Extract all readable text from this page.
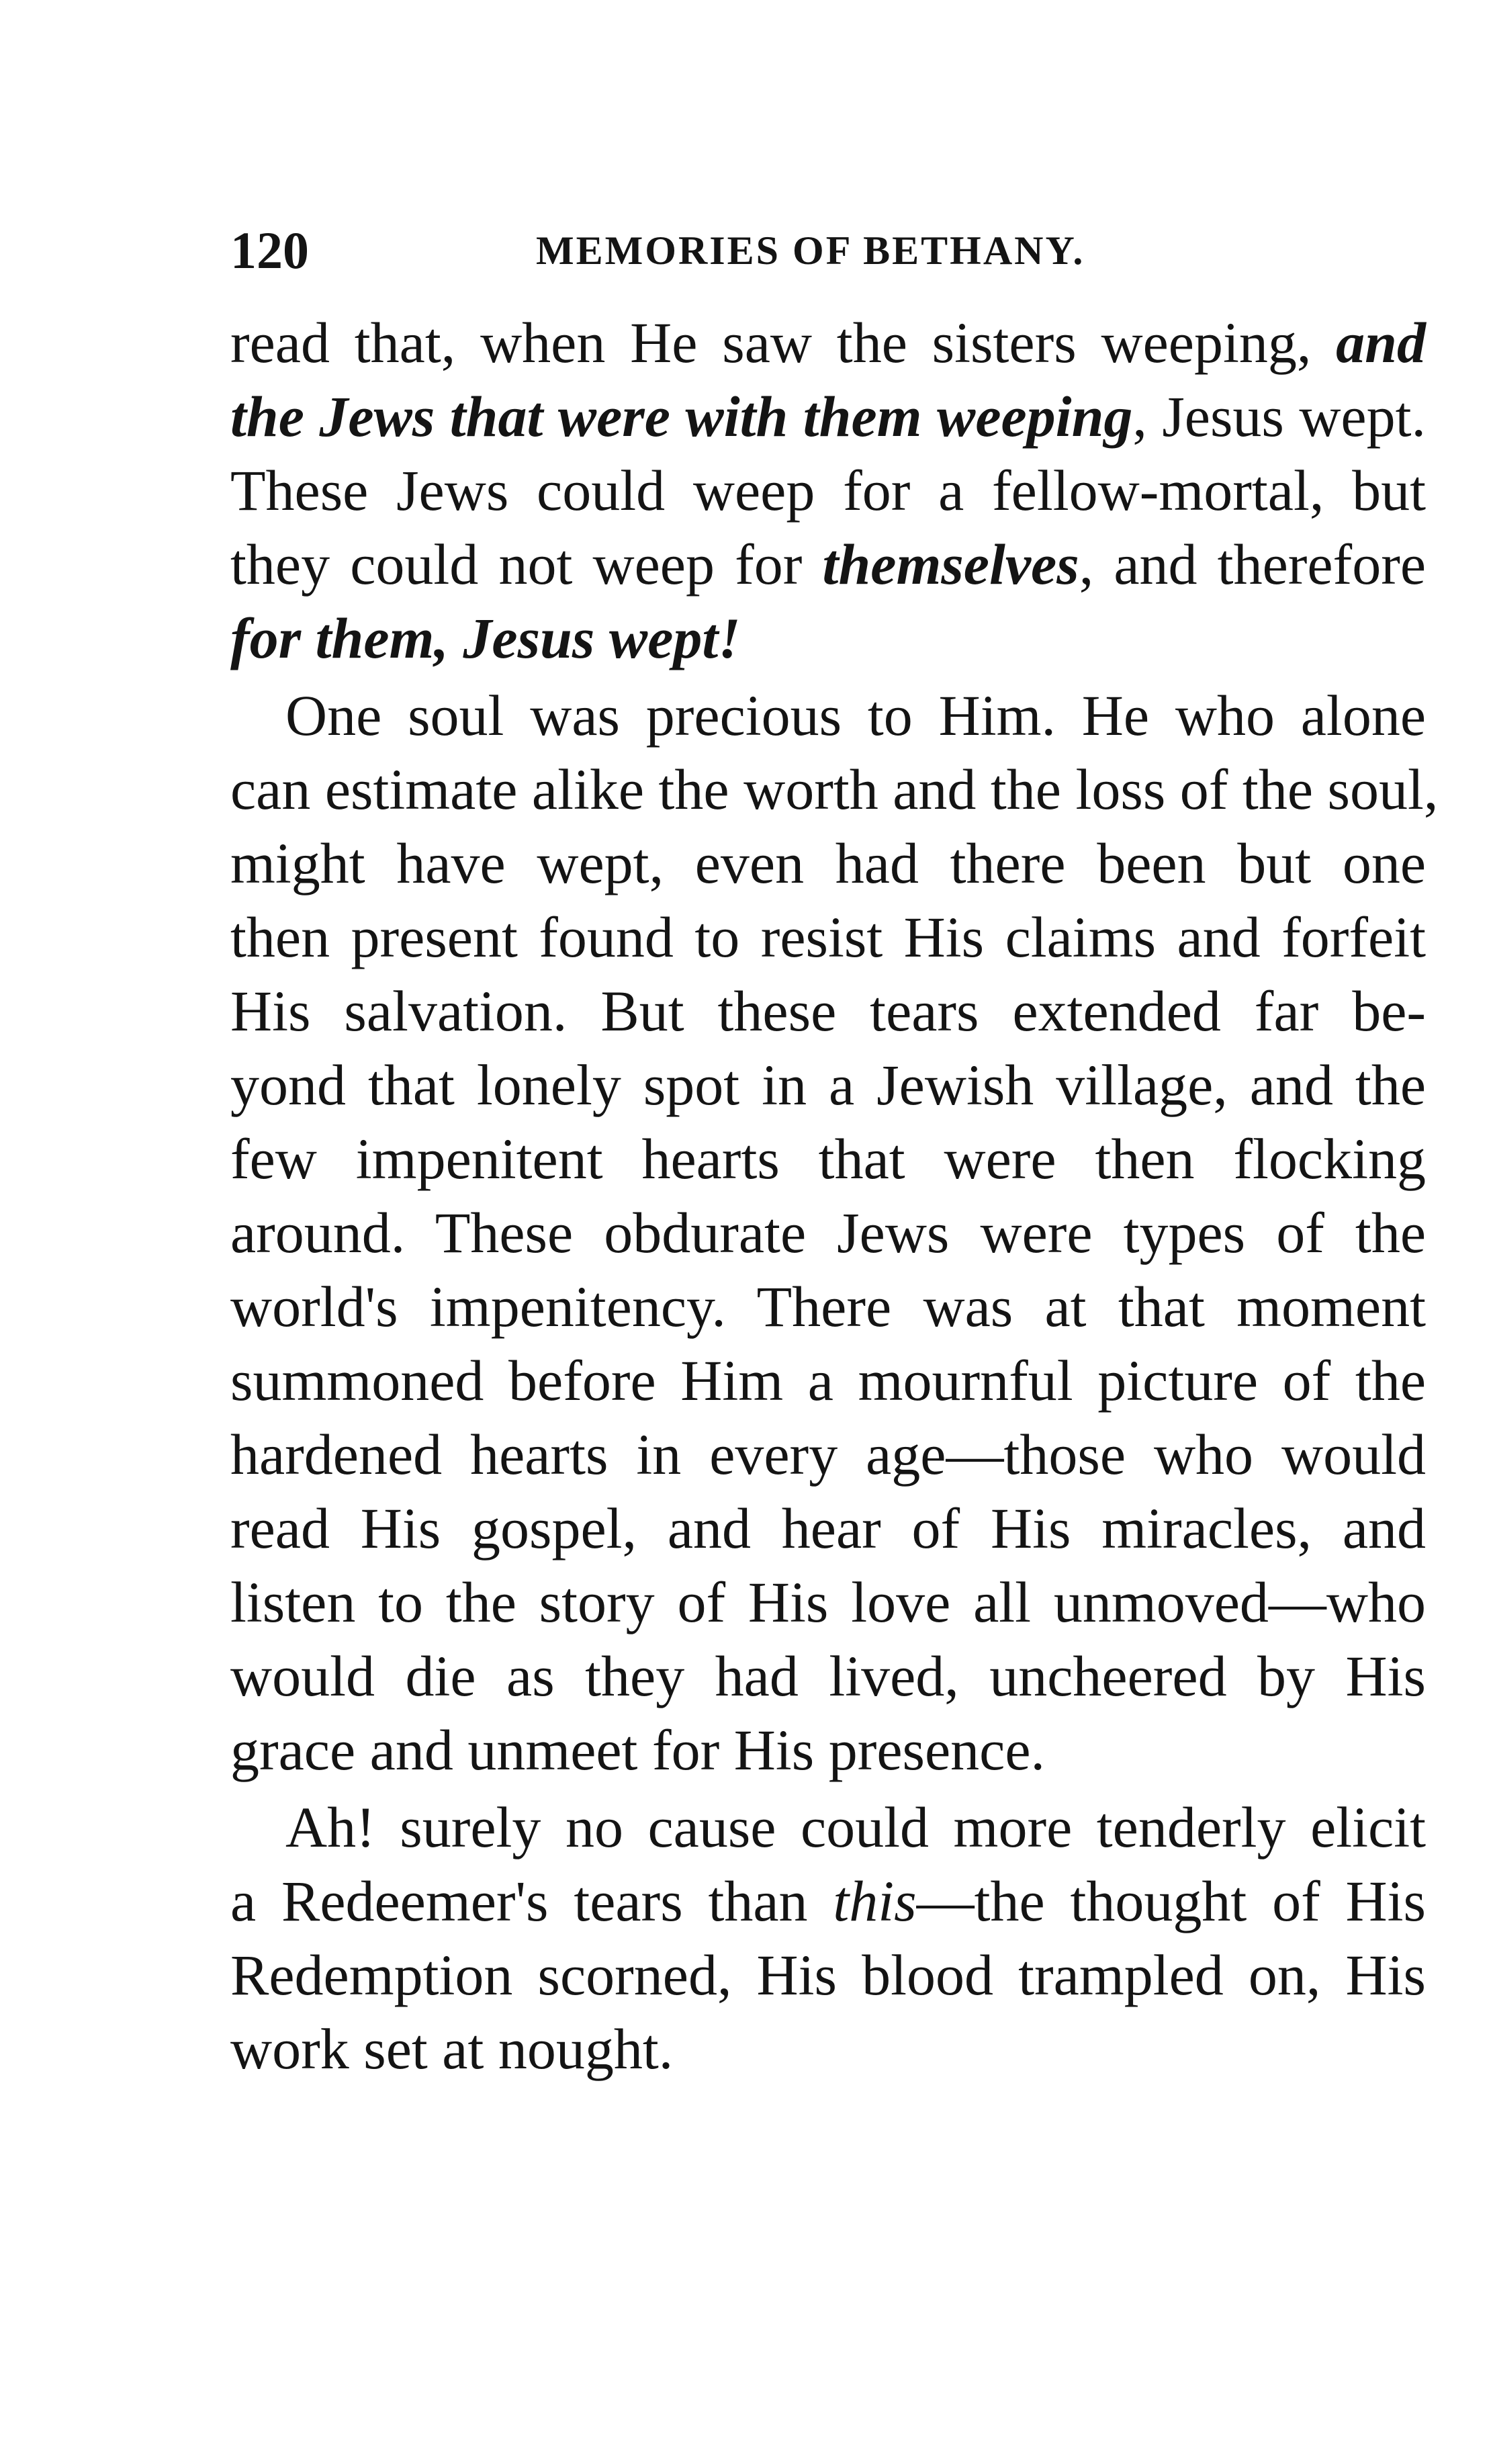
120	MEMORIES OF BETHANY.
read that, when He saw the sisters weeping, and
the Jews that were with them weeping, Jesus wept.
These Jews could weep for a fellow-mortal, but
they could not weep for themselves, and therefore
for them, Jesus wept!
One soul was precious to Him. He who alone
can estimate alike the worth and the loss of the soul,
might have wept, even had there been but one
then present found to resist His claims and forfeit
His salvation. But these tears extended far be-
yond that lonely spot in a Jewish village, and the
few impenitent hearts that were then flocking
around. These obdurate Jews were types of the
world's impenitency. There was at that moment
summoned before Him a mournful picture of the
hardened hearts in every age—those who would
read His gospel, and hear of His miracles, and
listen to the story of His love all unmoved—who
would die as they had lived, uncheered by His
grace and unmeet for His presence.
Ah! surely no cause could more tenderly elicit
a Redeemer's tears than this—the thought of His
Redemption scorned, His blood trampled on, His
work set at nought.
